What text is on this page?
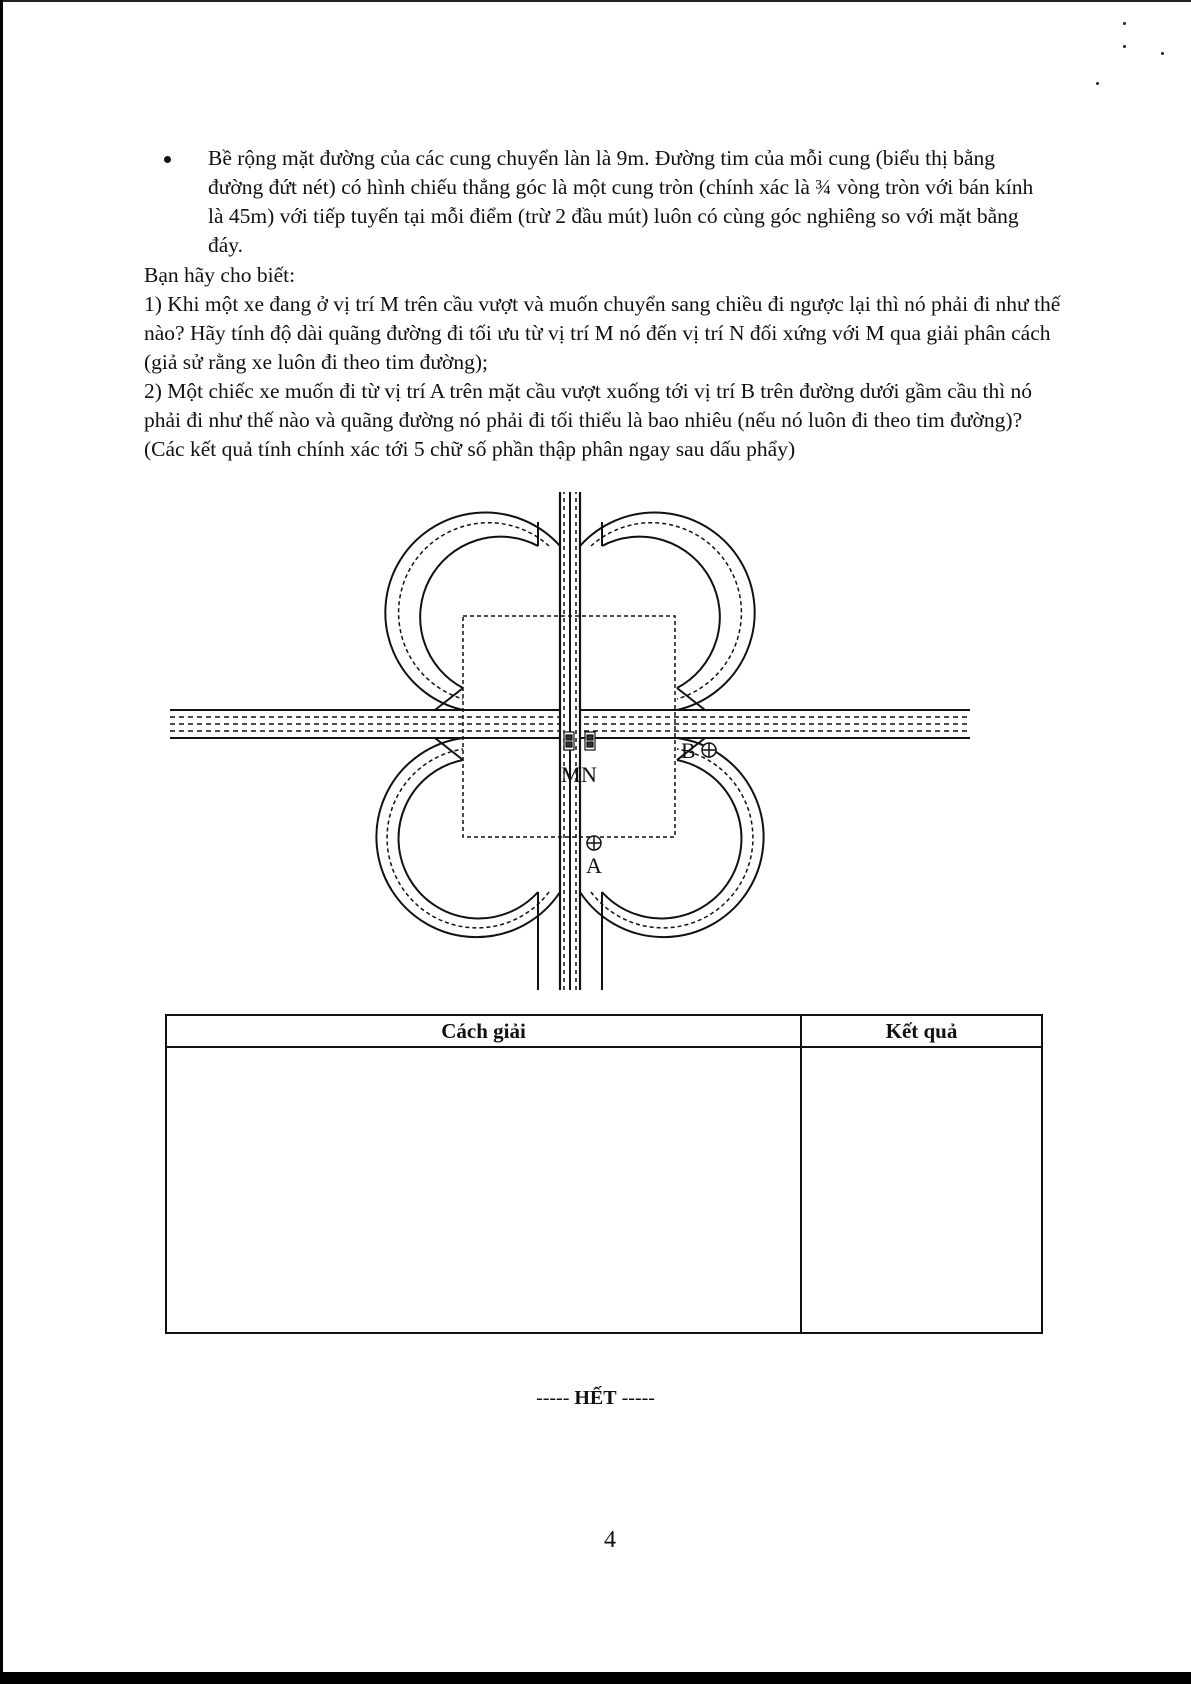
Bề rộng mặt đường của các cung chuyển làn là 9m. Đường tim của mỗi cung (biểu thị bằng đường đứt nét) có hình chiếu thẳng góc là một cung tròn (chính xác là ¾ vòng tròn với bán kính là 45m) với tiếp tuyến tại mỗi điểm (trừ 2 đầu mút) luôn có cùng góc nghiêng so với mặt bằng đáy.

Bạn hãy cho biết:

1) Khi một xe đang ở vị trí M trên cầu vượt và muốn chuyển sang chiều đi ngược lại thì nó phải đi như thế nào? Hãy tính độ dài quãng đường đi tối ưu từ vị trí M nó đến vị trí N đối xứng với M qua giải phân cách (giả sử rằng xe luôn đi theo tim đường);

2) Một chiếc xe muốn đi từ vị trí A trên mặt cầu vượt xuống tới vị trí B trên đường dưới gầm cầu thì nó phải đi như thế nào và quãng đường nó phải đi tối thiểu là bao nhiêu (nếu nó luôn đi theo tim đường)?

(Các kết quả tính chính xác tới 5 chữ số phần thập phân ngay sau dấu phẩy)

M N
A
B
Cách giải	Kết quả

----- HẾT -----
4
